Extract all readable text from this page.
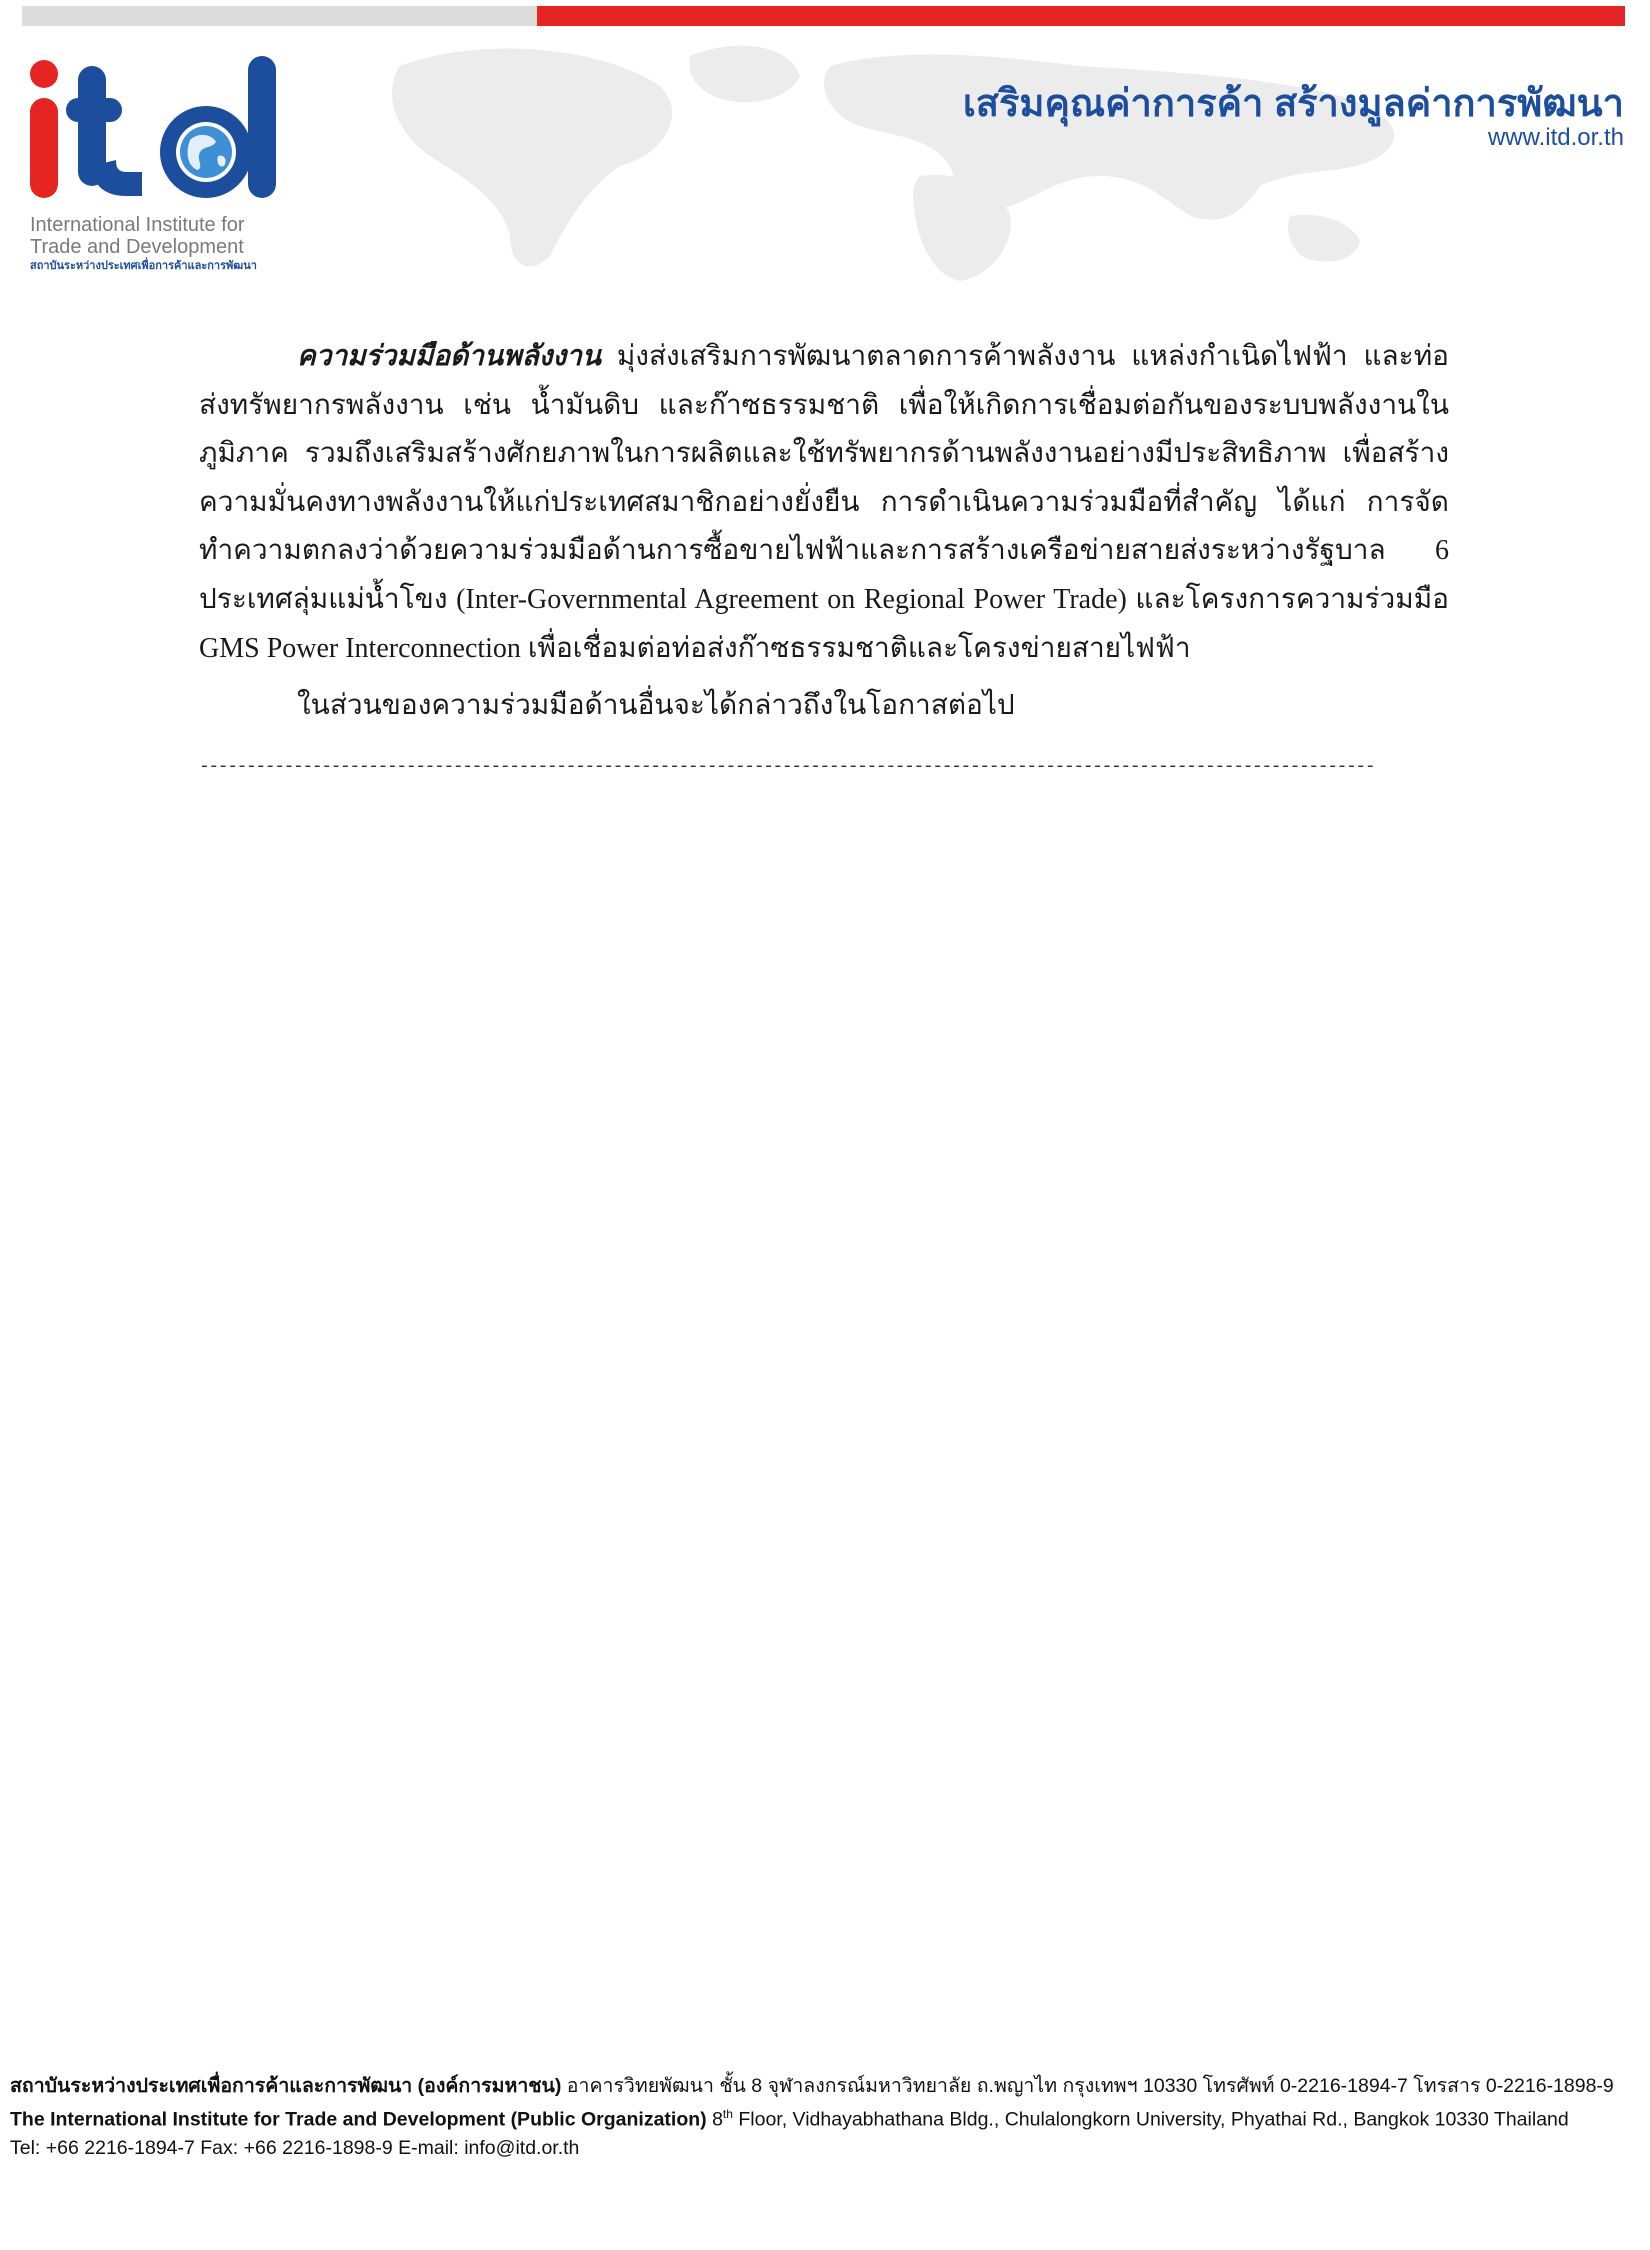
International Institute for
Trade and Development
สถาบันระหว่างประเทศเพื่อการค้าและการพัฒนา
เสริมคุณค่าการค้า สร้างมูลค่าการพัฒนา
www.itd.or.th

ความร่วมมือด้านพลังงาน มุ่งส่งเสริมการพัฒนาตลาดการค้าพลังงาน แหล่งกำเนิดไฟฟ้า และท่อส่งทรัพยากรพลังงาน เช่น น้ำมันดิบ และก๊าซธรรมชาติ เพื่อให้เกิดการเชื่อมต่อกันของระบบพลังงานในภูมิภาค รวมถึงเสริมสร้างศักยภาพในการผลิตและใช้ทรัพยากรด้านพลังงานอย่างมีประสิทธิภาพ เพื่อสร้างความมั่นคงทางพลังงานให้แก่ประเทศสมาชิกอย่างยั่งยืน การดำเนินความร่วมมือที่สำคัญ ได้แก่ การจัดทำความตกลงว่าด้วยความร่วมมือด้านการซื้อขายไฟฟ้าและการสร้างเครือข่ายสายส่งระหว่างรัฐบาล 6 ประเทศลุ่มแม่น้ำโขง (Inter-Governmental Agreement on Regional Power Trade) และโครงการความร่วมมือ GMS Power Interconnection เพื่อเชื่อมต่อท่อส่งก๊าซธรรมชาติและโครงข่ายสายไฟฟ้า

ในส่วนของความร่วมมือด้านอื่นจะได้กล่าวถึงในโอกาสต่อไป

-----------------------------------------------------------------------------------------------------------------------------
สถาบันระหว่างประเทศเพื่อการค้าและการพัฒนา (องค์การมหาชน) อาคารวิทยพัฒนา ชั้น 8 จุฬาลงกรณ์มหาวิทยาลัย ถ.พญาไท กรุงเทพฯ 10330 โทรศัพท์ 0-2216-1894-7 โทรสาร 0-2216-1898-9
The International Institute for Trade and Development (Public Organization) 8th Floor, Vidhayabhathana Bldg., Chulalongkorn University, Phyathai Rd., Bangkok 10330 Thailand
Tel: +66 2216-1894-7 Fax: +66 2216-1898-9 E-mail: info@itd.or.th
